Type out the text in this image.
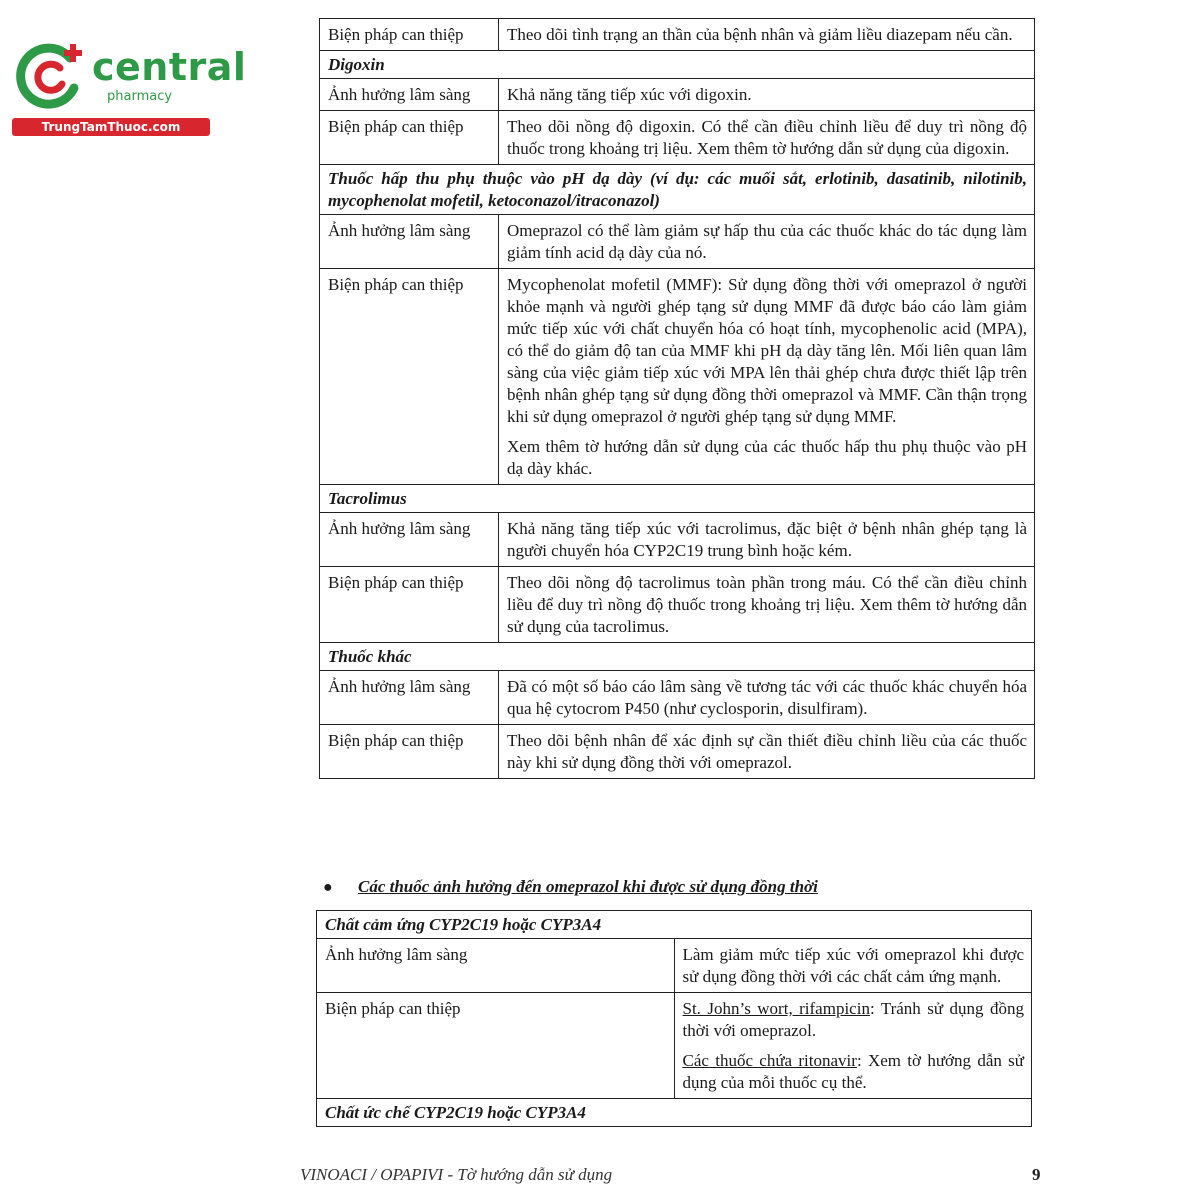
central
pharmacy
TrungTamThuoc.com
Biện pháp can thiệp	Theo dõi tình trạng an thần của bệnh nhân và giảm liều diazepam nếu cần.
Digoxin	
Ảnh hưởng lâm sàng	Khả năng tăng tiếp xúc với digoxin.
Biện pháp can thiệp	Theo dõi nồng độ digoxin. Có thể cần điều chỉnh liều để duy trì nồng độ thuốc trong khoảng trị liệu. Xem thêm tờ hướng dẫn sử dụng của digoxin.
Thuốc hấp thu phụ thuộc vào pH dạ dày (ví dụ: các muối sắt, erlotinib, dasatinib, nilotinib, mycophenolat mofetil, ketoconazol/itraconazol)	
Ảnh hưởng lâm sàng	Omeprazol có thể làm giảm sự hấp thu của các thuốc khác do tác dụng làm giảm tính acid dạ dày của nó.
Biện pháp can thiệp	Mycophenolat mofetil (MMF): Sử dụng đồng thời với omeprazol ở người khỏe mạnh và người ghép tạng sử dụng MMF đã được báo cáo làm giảm mức tiếp xúc với chất chuyển hóa có hoạt tính, mycophenolic acid (MPA), có thể do giảm độ tan của MMF khi pH dạ dày tăng lên. Mối liên quan lâm sàng của việc giảm tiếp xúc với MPA lên thải ghép chưa được thiết lập trên bệnh nhân ghép tạng sử dụng đồng thời omeprazol và MMF. Cần thận trọng khi sử dụng omeprazol ở người ghép tạng sử dụng MMF.
Xem thêm tờ hướng dẫn sử dụng của các thuốc hấp thu phụ thuộc vào pH dạ dày khác.

Tacrolimus	
Ảnh hưởng lâm sàng	Khả năng tăng tiếp xúc với tacrolimus, đặc biệt ở bệnh nhân ghép tạng là người chuyển hóa CYP2C19 trung bình hoặc kém.
Biện pháp can thiệp	Theo dõi nồng độ tacrolimus toàn phần trong máu. Có thể cần điều chỉnh liều để duy trì nồng độ thuốc trong khoảng trị liệu. Xem thêm tờ hướng dẫn sử dụng của tacrolimus.
Thuốc khác	
Ảnh hưởng lâm sàng	Đã có một số báo cáo lâm sàng về tương tác với các thuốc khác chuyển hóa qua hệ cytocrom P450 (như cyclosporin, disulfiram).
Biện pháp can thiệp	Theo dõi bệnh nhân để xác định sự cần thiết điều chỉnh liều của các thuốc này khi sử dụng đồng thời với omeprazol.
● Các thuốc ảnh hưởng đến omeprazol khi được sử dụng đồng thời
Chất cảm ứng CYP2C19 hoặc CYP3A4	
Ảnh hưởng lâm sàng	Làm giảm mức tiếp xúc với omeprazol khi được sử dụng đồng thời với các chất cảm ứng mạnh.
Biện pháp can thiệp	St. John’s wort, rifampicin: Tránh sử dụng đồng thời với omeprazol.
Các thuốc chứa ritonavir: Xem tờ hướng dẫn sử dụng của mỗi thuốc cụ thể.

Chất ức chế CYP2C19 hoặc CYP3A4	
VINOACI / OPAPIVI - Tờ hướng dẫn sử dụng	9
